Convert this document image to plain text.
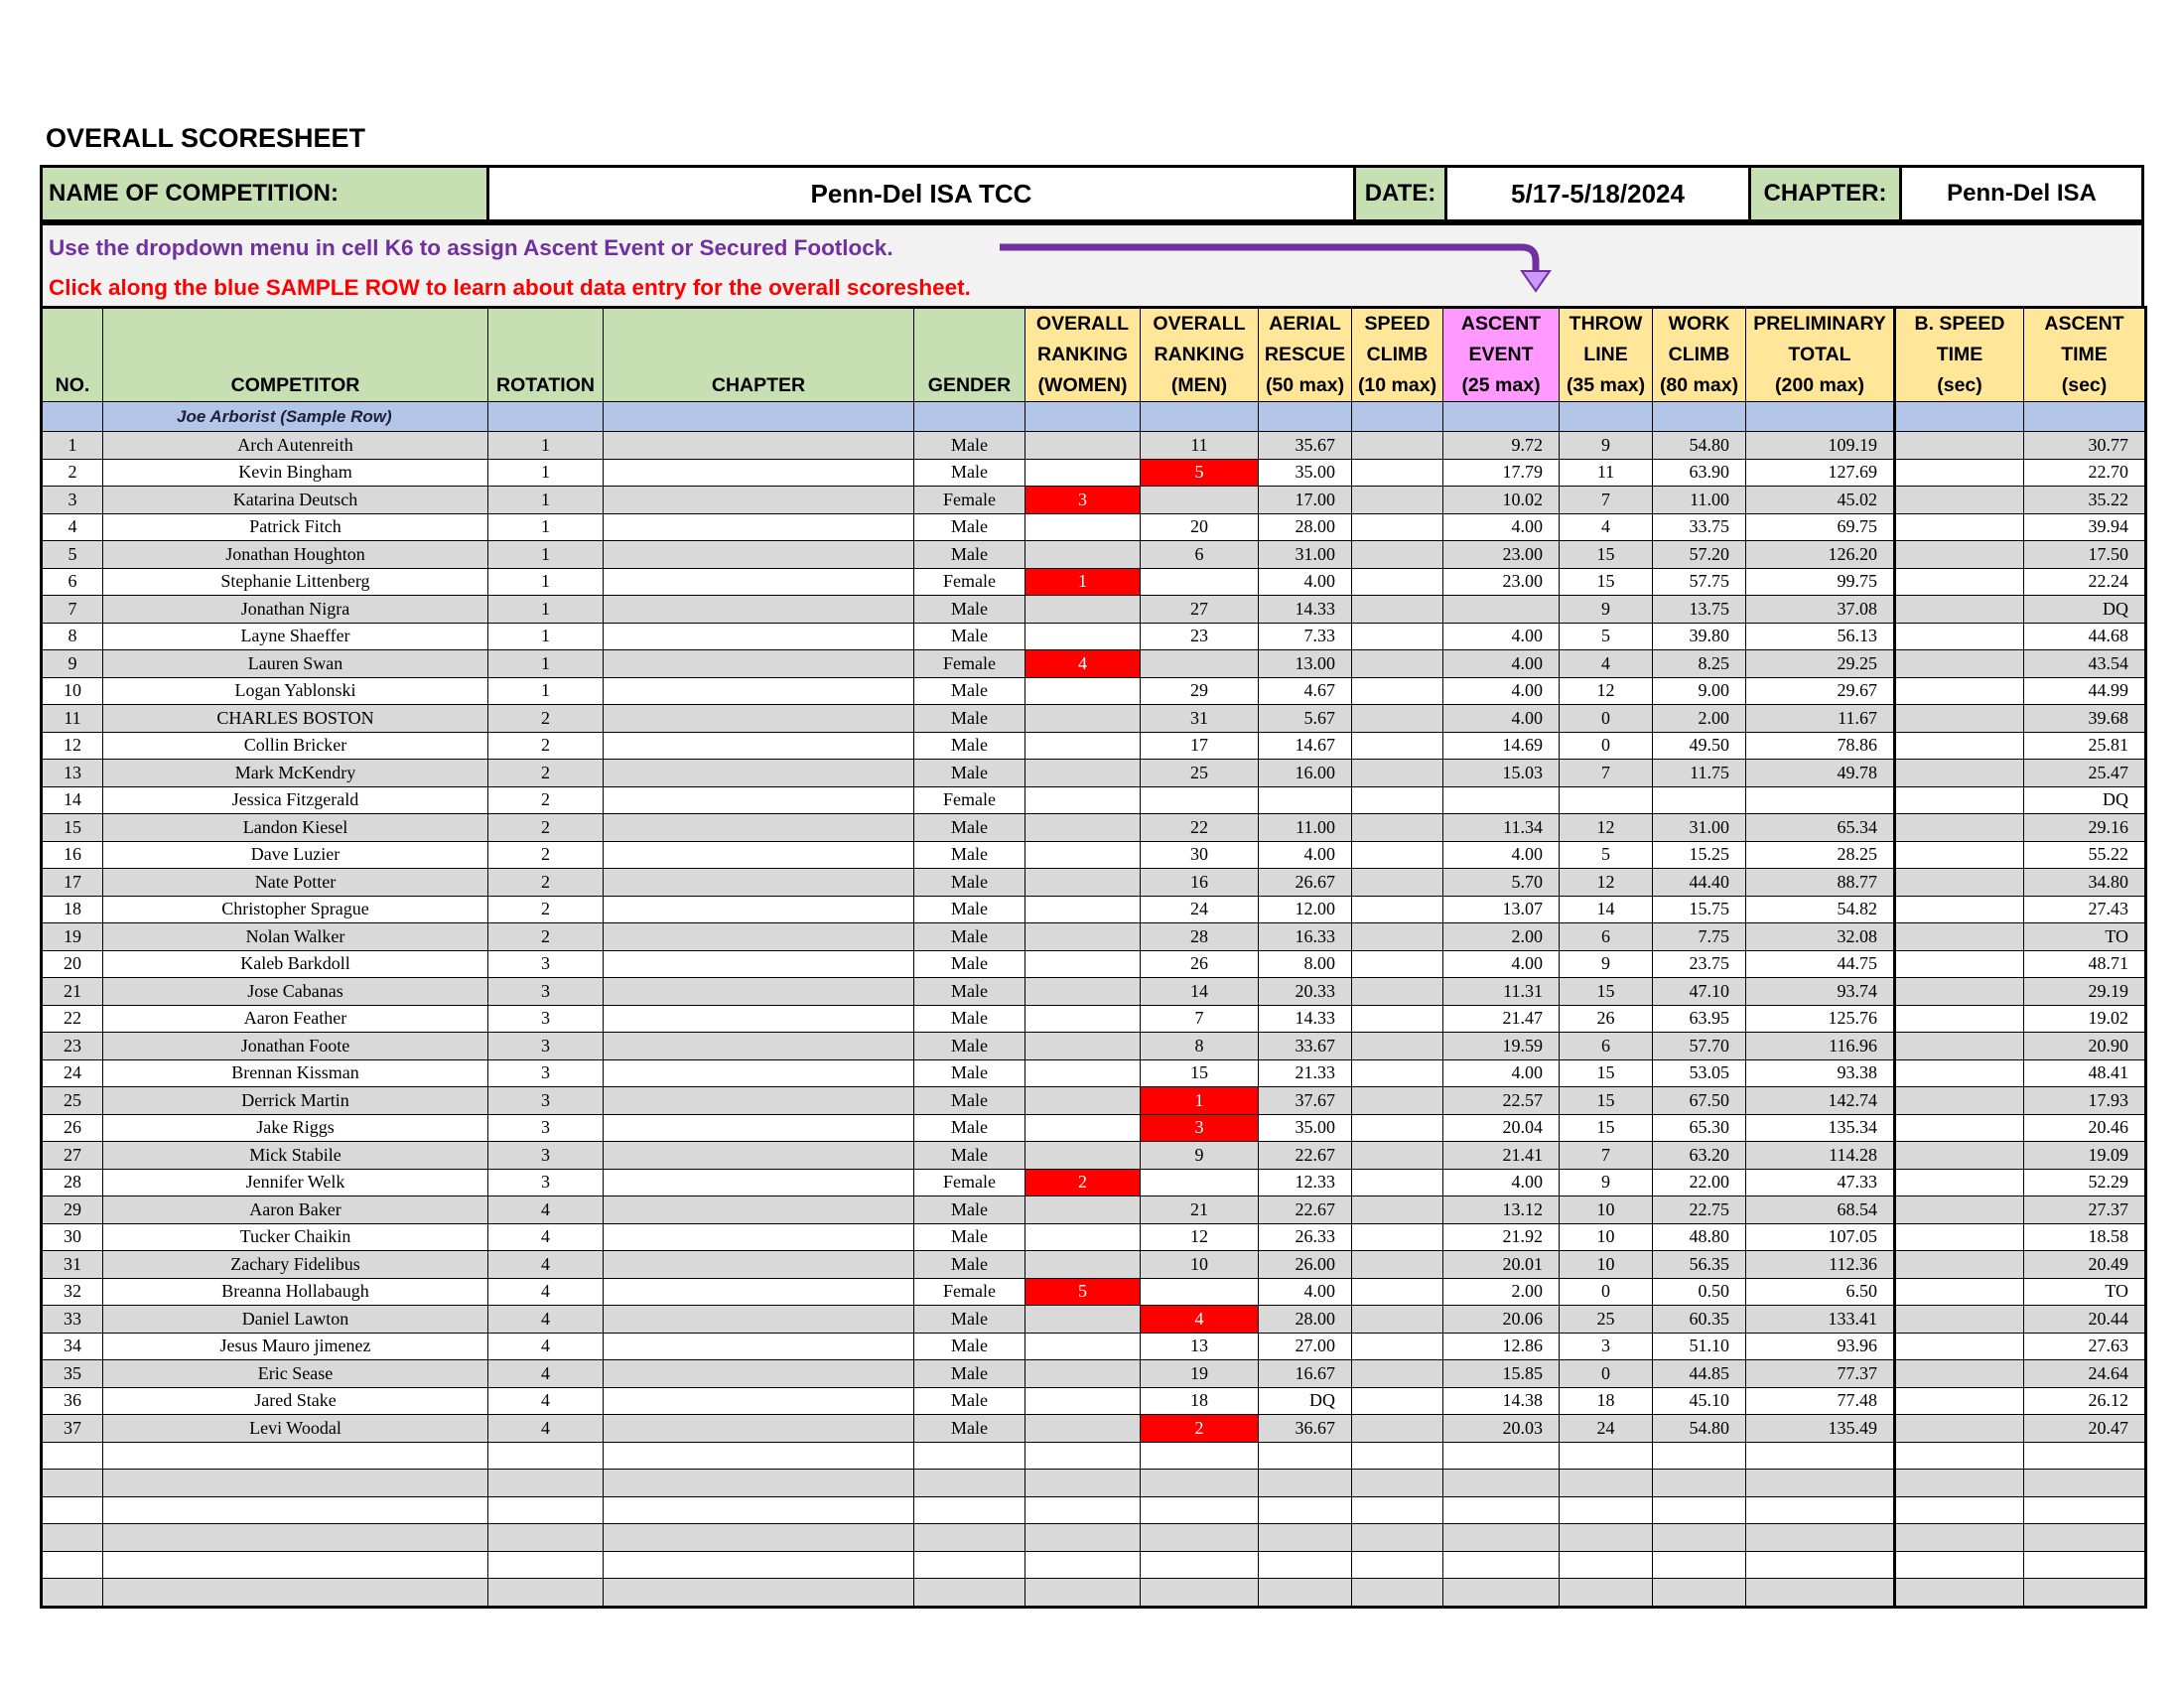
OVERALL SCORESHEET
NAME OF COMPETITION:	Penn-Del ISA TCC	DATE:	5/17-5/18/2024	CHAPTER:	Penn-Del ISA
Use the dropdown menu in cell K6 to assign Ascent Event or Secured Footlock.
Click along the blue SAMPLE ROW to learn about data entry for the overall scoresheet.
NO.	COMPETITOR	ROTATION	CHAPTER	GENDER	OVERALL
RANKING
(WOMEN)	OVERALL
RANKING
(MEN)	AERIAL
RESCUE
(50 max)	SPEED
CLIMB
(10 max)	ASCENT
EVENT
(25 max)	THROW
LINE
(35 max)	WORK
CLIMB
(80 max)	PRELIMINARY
TOTAL
(200 max)	B. SPEED
TIME
(sec)	ASCENT
TIME
(sec)
	Joe Arborist (Sample Row)													
1	Arch Autenreith	1		Male		11	35.67		9.72	9	54.80	109.19		30.77
2	Kevin Bingham	1		Male		5	35.00		17.79	11	63.90	127.69		22.70
3	Katarina Deutsch	1		Female	3		17.00		10.02	7	11.00	45.02		35.22
4	Patrick Fitch	1		Male		20	28.00		4.00	4	33.75	69.75		39.94
5	Jonathan Houghton	1		Male		6	31.00		23.00	15	57.20	126.20		17.50
6	Stephanie Littenberg	1		Female	1		4.00		23.00	15	57.75	99.75		22.24
7	Jonathan Nigra	1		Male		27	14.33			9	13.75	37.08		DQ
8	Layne Shaeffer	1		Male		23	7.33		4.00	5	39.80	56.13		44.68
9	Lauren Swan	1		Female	4		13.00		4.00	4	8.25	29.25		43.54
10	Logan Yablonski	1		Male		29	4.67		4.00	12	9.00	29.67		44.99
11	CHARLES BOSTON	2		Male		31	5.67		4.00	0	2.00	11.67		39.68
12	Collin Bricker	2		Male		17	14.67		14.69	0	49.50	78.86		25.81
13	Mark McKendry	2		Male		25	16.00		15.03	7	11.75	49.78		25.47
14	Jessica Fitzgerald	2		Female										DQ
15	Landon Kiesel	2		Male		22	11.00		11.34	12	31.00	65.34		29.16
16	Dave Luzier	2		Male		30	4.00		4.00	5	15.25	28.25		55.22
17	Nate Potter	2		Male		16	26.67		5.70	12	44.40	88.77		34.80
18	Christopher Sprague	2		Male		24	12.00		13.07	14	15.75	54.82		27.43
19	Nolan Walker	2		Male		28	16.33		2.00	6	7.75	32.08		TO
20	Kaleb Barkdoll	3		Male		26	8.00		4.00	9	23.75	44.75		48.71
21	Jose Cabanas	3		Male		14	20.33		11.31	15	47.10	93.74		29.19
22	Aaron Feather	3		Male		7	14.33		21.47	26	63.95	125.76		19.02
23	Jonathan Foote	3		Male		8	33.67		19.59	6	57.70	116.96		20.90
24	Brennan Kissman	3		Male		15	21.33		4.00	15	53.05	93.38		48.41
25	Derrick Martin	3		Male		1	37.67		22.57	15	67.50	142.74		17.93
26	Jake Riggs	3		Male		3	35.00		20.04	15	65.30	135.34		20.46
27	Mick Stabile	3		Male		9	22.67		21.41	7	63.20	114.28		19.09
28	Jennifer Welk	3		Female	2		12.33		4.00	9	22.00	47.33		52.29
29	Aaron Baker	4		Male		21	22.67		13.12	10	22.75	68.54		27.37
30	Tucker Chaikin	4		Male		12	26.33		21.92	10	48.80	107.05		18.58
31	Zachary Fidelibus	4		Male		10	26.00		20.01	10	56.35	112.36		20.49
32	Breanna Hollabaugh	4		Female	5		4.00		2.00	0	0.50	6.50		TO
33	Daniel Lawton	4		Male		4	28.00		20.06	25	60.35	133.41		20.44
34	Jesus Mauro jimenez	4		Male		13	27.00		12.86	3	51.10	93.96		27.63
35	Eric Sease	4		Male		19	16.67		15.85	0	44.85	77.37		24.64
36	Jared Stake	4		Male		18	DQ		14.38	18	45.10	77.48		26.12
37	Levi Woodal	4		Male		2	36.67		20.03	24	54.80	135.49		20.47
